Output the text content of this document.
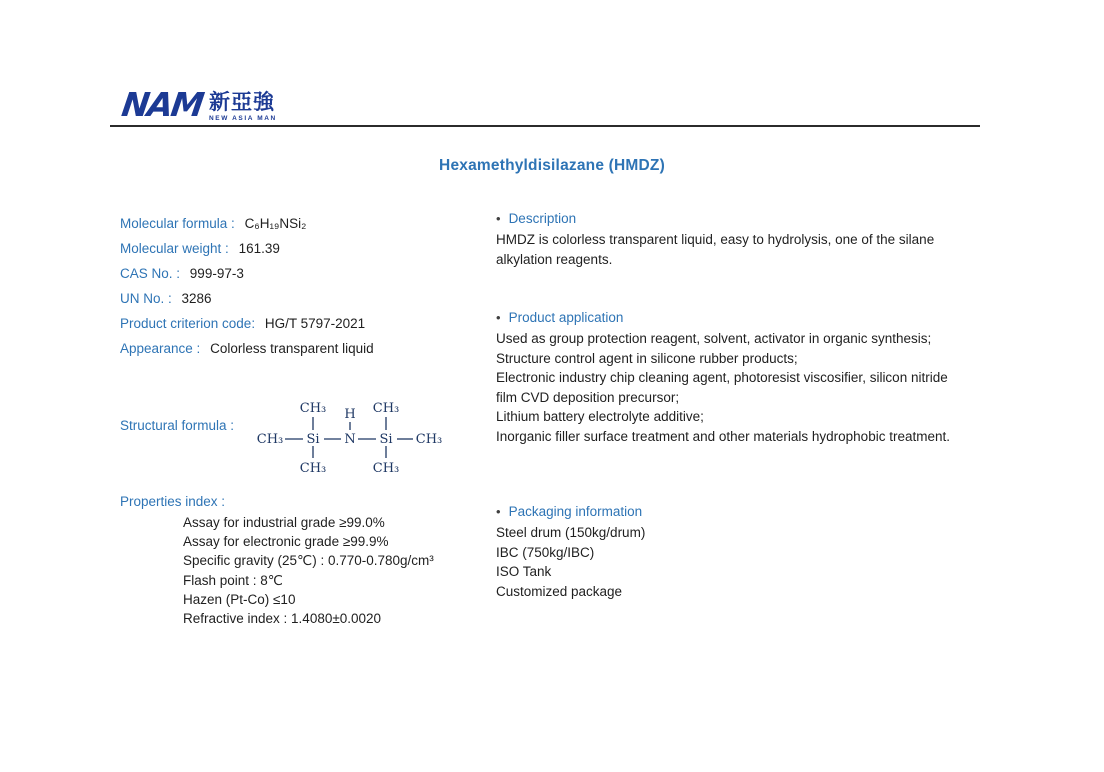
NAM 新亞強
NEW ASIA MAN
Hexamethyldisilazane (HMDZ)
Molecular formula : C₆H₁₉NSi₂
Molecular weight : 161.39
CAS No. : 999-97-3
UN No. : 3286
Product criterion code: HG/T 5797-2021
Appearance : Colorless transparent liquid
Structural formula :
CH₃ H CH₃
CH₃ Si N Si CH₃
CH₃	CH₃
Properties index :

Assay for industrial grade ≥99.0%

Assay for electronic grade ≥99.9%

Specific gravity (25℃) : 0.770-0.780g/cm³

Flash point : 8℃

Hazen (Pt-Co) ≤10

Refractive index : 1.4080±0.0020

• Description

HMDZ is colorless transparent liquid, easy to hydrolysis, one of the silane alkylation reagents.

• Product application

Used as group protection reagent, solvent, activator in organic synthesis;

Structure control agent in silicone rubber products;

Electronic industry chip cleaning agent, photoresist viscosifier, silicon nitride film CVD deposition precursor;

Lithium battery electrolyte additive;

Inorganic filler surface treatment and other materials hydrophobic treatment.

• Packaging information

Steel drum (150kg/drum)

IBC (750kg/IBC)

ISO Tank

Customized package
